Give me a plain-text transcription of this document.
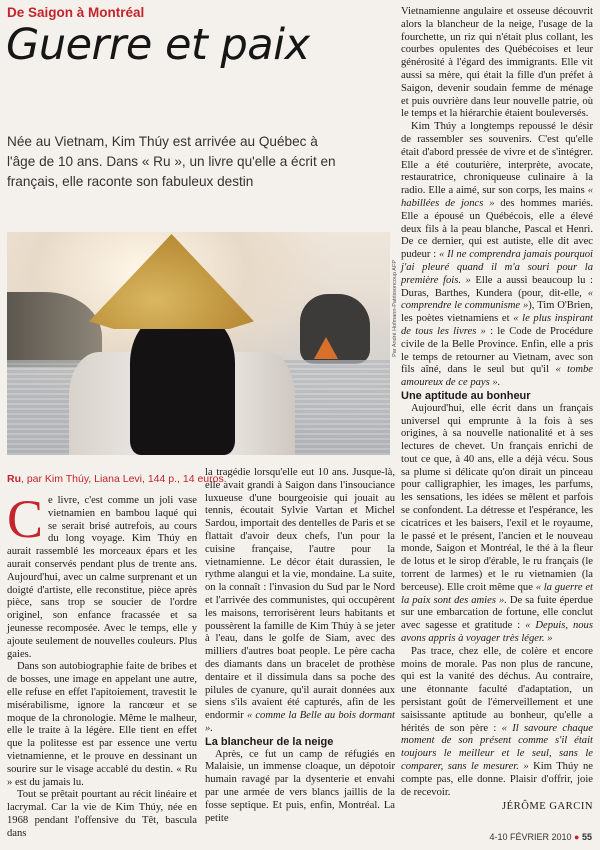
De Saigon à Montréal
Guerre et paix
Née au Vietnam, Kim Thúy est arrivée au Québec à l'âge de 10 ans. Dans « Ru », un livre qu'elle a écrit en français, elle raconte son fabuleux destin
Par André Hofmann-Patrissoncoup AFP
Ru, par Kim Thúy, Liana Levi, 144 p., 14 euros.

Ce livre, c'est comme un joli vase vietnamien en bambou laqué qui se serait brisé autrefois, au cours du long voyage. Kim Thúy en aurait rassemblé les morceaux épars et les aurait conservés pendant plus de trente ans. Aujourd'hui, avec un calme surprenant et un doigté d'artiste, elle reconstitue, pièce après pièce, sans trop se soucier de l'ordre originel, son enfance fracassée et sa jeunesse recomposée. Avec le temps, elle y ajoute seulement de nouvelles couleurs. Plus gaies.

Dans son autobiographie faite de bribes et de bosses, une image en appelant une autre, elle refuse en effet l'apitoiement, travestit le misérabilisme, ignore la rancœur et se moque de la chronologie. Même le malheur, elle le traite à la légère. Elle tient en effet que la politesse est par essence une vertu vietnamienne, et le prouve en dessinant un sourire sur le visage accablé du destin. « Ru » est du jamais lu.

Tout se prêtait pourtant au récit linéaire et lacrymal. Car la vie de Kim Thúy, née en 1968 pendant l'offensive du Têt, bascula dans

la tragédie lorsqu'elle eut 10 ans. Jusque-là, elle avait grandi à Saigon dans l'insouciance luxueuse d'une bourgeoisie qui jouait au tennis, écoutait Sylvie Vartan et Michel Sardou, importait des dentelles de Paris et se flattait d'avoir deux chefs, l'un pour la cuisine française, l'autre pour la vietnamienne. Le décor était durassien, le rythme alangui et la vie, mondaine. La suite, on la connaît : l'invasion du Sud par le Nord et l'arrivée des communistes, qui occupèrent les maisons, terrorisèrent leurs habitants et poussèrent la famille de Kim Thúy à se jeter à l'eau, dans le golfe de Siam, avec des milliers d'autres boat people. Le père cacha des diamants dans un bracelet de prothèse dentaire et il dissimula dans sa poche des pilules de cyanure, qu'il aurait données aux siens s'ils avaient été capturés, afin de les endormir « comme la Belle au bois dormant ».

La blancheur de la neige

Après, ce fut un camp de réfugiés en Malaisie, un immense cloaque, un dépotoir humain ravagé par la dysenterie et envahi par une armée de vers blancs jaillis de la fosse septique. Et puis, enfin, Montréal. La petite

Vietnamienne angulaire et osseuse découvrit alors la blancheur de la neige, l'usage de la fourchette, un riz qui n'était plus collant, les courbes opulentes des Québécoises et leur générosité à l'égard des immigrants. Elle vit aussi sa mère, qui était la fille d'un préfet à Saigon, devenir soudain femme de ménage et puis ouvrière dans leur nouvelle patrie, où le temps et la hiérarchie étaient bouleversés.

Kim Thúy a longtemps repoussé le désir de rassembler ses souvenirs. C'est qu'elle était d'abord pressée de vivre et de s'intégrer. Elle a été couturière, interprète, avocate, restauratrice, chroniqueuse culinaire à la radio. Elle a aimé, sur son corps, les mains « habillées de joncs » des hommes mariés. Elle a épousé un Québécois, elle a élevé deux fils à la peau blanche, Pascal et Henri. De ce dernier, qui est autiste, elle dit avec pudeur : « Il ne comprendra jamais pourquoi j'ai pleuré quand il m'a souri pour la première fois. » Elle a aussi beaucoup lu : Duras, Barthes, Kundera (pour, dit-elle, « comprendre le communisme »), Tim O'Brien, les poètes vietnamiens et « le plus inspirant de tous les livres » : le Code de Procédure civile de la Belle Province. Enfin, elle a pris le temps de retourner au Vietnam, avec son fils aîné, dans le seul but qu'il « tombe amoureux de ce pays ».

Une aptitude au bonheur

Aujourd'hui, elle écrit dans un français universel qui emprunte à la fois à ses origines, à sa nouvelle nationalité et à ses lectures de chevet. Un français enrichi de tout ce que, à 40 ans, elle a déjà vécu. Sous sa plume si délicate qu'on dirait un pinceau pour calligraphier, les images, les parfums, les sensations, les idées se mêlent et parfois se confondent. La détresse et l'espérance, les cicatrices et les baisers, l'exil et le royaume, le passé et le présent, l'ancien et le nouveau monde, Saigon et Montréal, le thé à la fleur de lotus et le sirop d'érable, le ru français (le torrent de larmes) et le ru vietnamien (la berceuse). Elle croit même que « la guerre et la paix sont des amies ». De sa fuite éperdue sur une embarcation de fortune, elle conclut avec sagesse et gratitude : « Depuis, nous avons appris à voyager très léger. »

Pas trace, chez elle, de colère et encore moins de morale. Pas non plus de rancune, qui est la vanité des déchus. Au contraire, une étonnante faculté d'adaptation, un persistant goût de l'émerveillement et une saisissante aptitude au bonheur, qu'elle a hérités de son père : « Il savoure chaque moment de son présent comme s'il était toujours le meilleur et le seul, sans le comparer, sans le mesurer. » Kim Thúy ne compte pas, elle donne. Plaisir d'offrir, joie de recevoir.

JÉRÔME GARCIN
4-10 FÉVRIER 2010 ● 55
